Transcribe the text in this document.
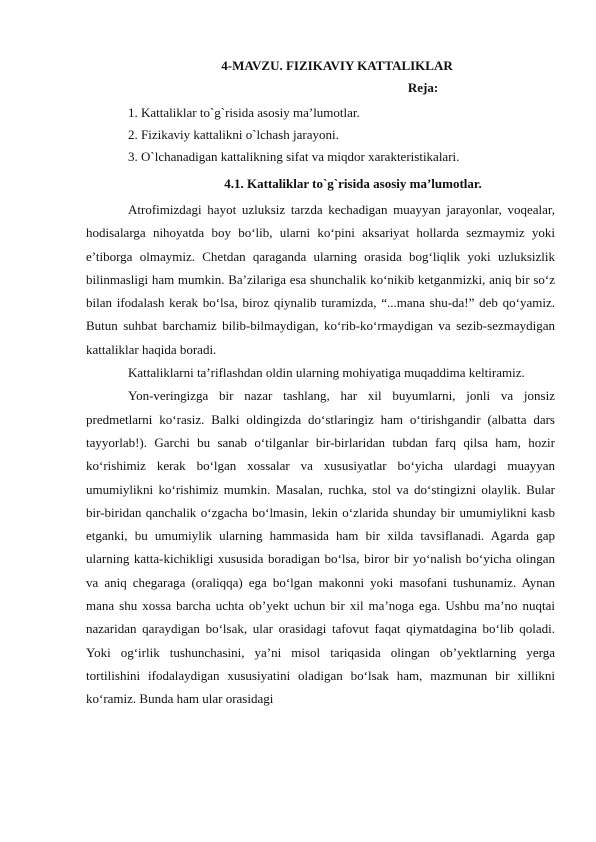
4-MAVZU. FIZIKAVIY KATTALIKLAR
Reja:
1. Kattaliklar to`g`risida asosiy ma’lumotlar.
2. Fizikaviy kattalikni o`lchash jarayoni.
3. O`lchanadigan kattalikning sifat va miqdor xarakteristikalari.
4.1. Kattaliklar to`g`risida asosiy ma’lumotlar.

Atrofimizdagi hayot uzluksiz tarzda kechadigan muayyan jarayonlar, voqealar, hodisalarga nihoyatda boy bo‘lib, ularni ko‘pini aksariyat hollarda sezmaymiz yoki e’tiborga olmaymiz. Chetdan qaraganda ularning orasida bog‘liqlik yoki uzluksizlik bilinmasligi ham mumkin. Ba’zilariga esa shunchalik ko‘nikib ketganmizki, aniq bir so‘z bilan ifodalash kerak bo‘lsa, biroz qiynalib turamizda, “...mana shu-da!” deb qo‘yamiz. Butun suhbat barchamiz bilib-bilmaydigan, ko‘rib-ko‘rmaydigan va sezib-sezmaydigan kattaliklar haqida boradi.

Kattaliklarni ta’riflashdan oldin ularning mohiyatiga muqaddima keltiramiz.

Yon-veringizga bir nazar tashlang, har xil buyumlarni, jonli va jonsiz predmetlarni ko‘rasiz. Balki oldingizda do‘stlaringiz ham o‘tirishgandir (albatta dars tayyorlab!). Garchi bu sanab o‘tilganlar bir-birlaridan tubdan farq qilsa ham, hozir ko‘rishimiz kerak bo‘lgan xossalar va xususiyatlar bo‘yicha ulardagi muayyan umumiylikni ko‘rishimiz mumkin. Masalan, ruchka, stol va do‘stingizni olaylik. Bular bir-biridan qanchalik o‘zgacha bo‘lmasin, lekin o‘zlarida shunday bir umumiylikni kasb etganki, bu umumiylik ularning hammasida ham bir xilda tavsiflanadi. Agarda gap ularning katta-kichikligi xususida boradigan bo‘lsa, biror bir yo‘nalish bo‘yicha olingan va aniq chegaraga (oraliqqa) ega bo‘lgan makonni yoki masofani tushunamiz. Aynan mana shu xossa barcha uchta ob’yekt uchun bir xil ma’noga ega. Ushbu ma’no nuqtai nazaridan qaraydigan bo‘lsak, ular orasidagi tafovut faqat qiymatdagina bo‘lib qoladi. Yoki og‘irlik tushunchasini, ya’ni misol tariqasida olingan ob’yektlarning yerga tortilishini ifodalaydigan xususiyatini oladigan bo‘lsak ham, mazmunan bir xillikni ko‘ramiz. Bunda ham ular orasidagi
